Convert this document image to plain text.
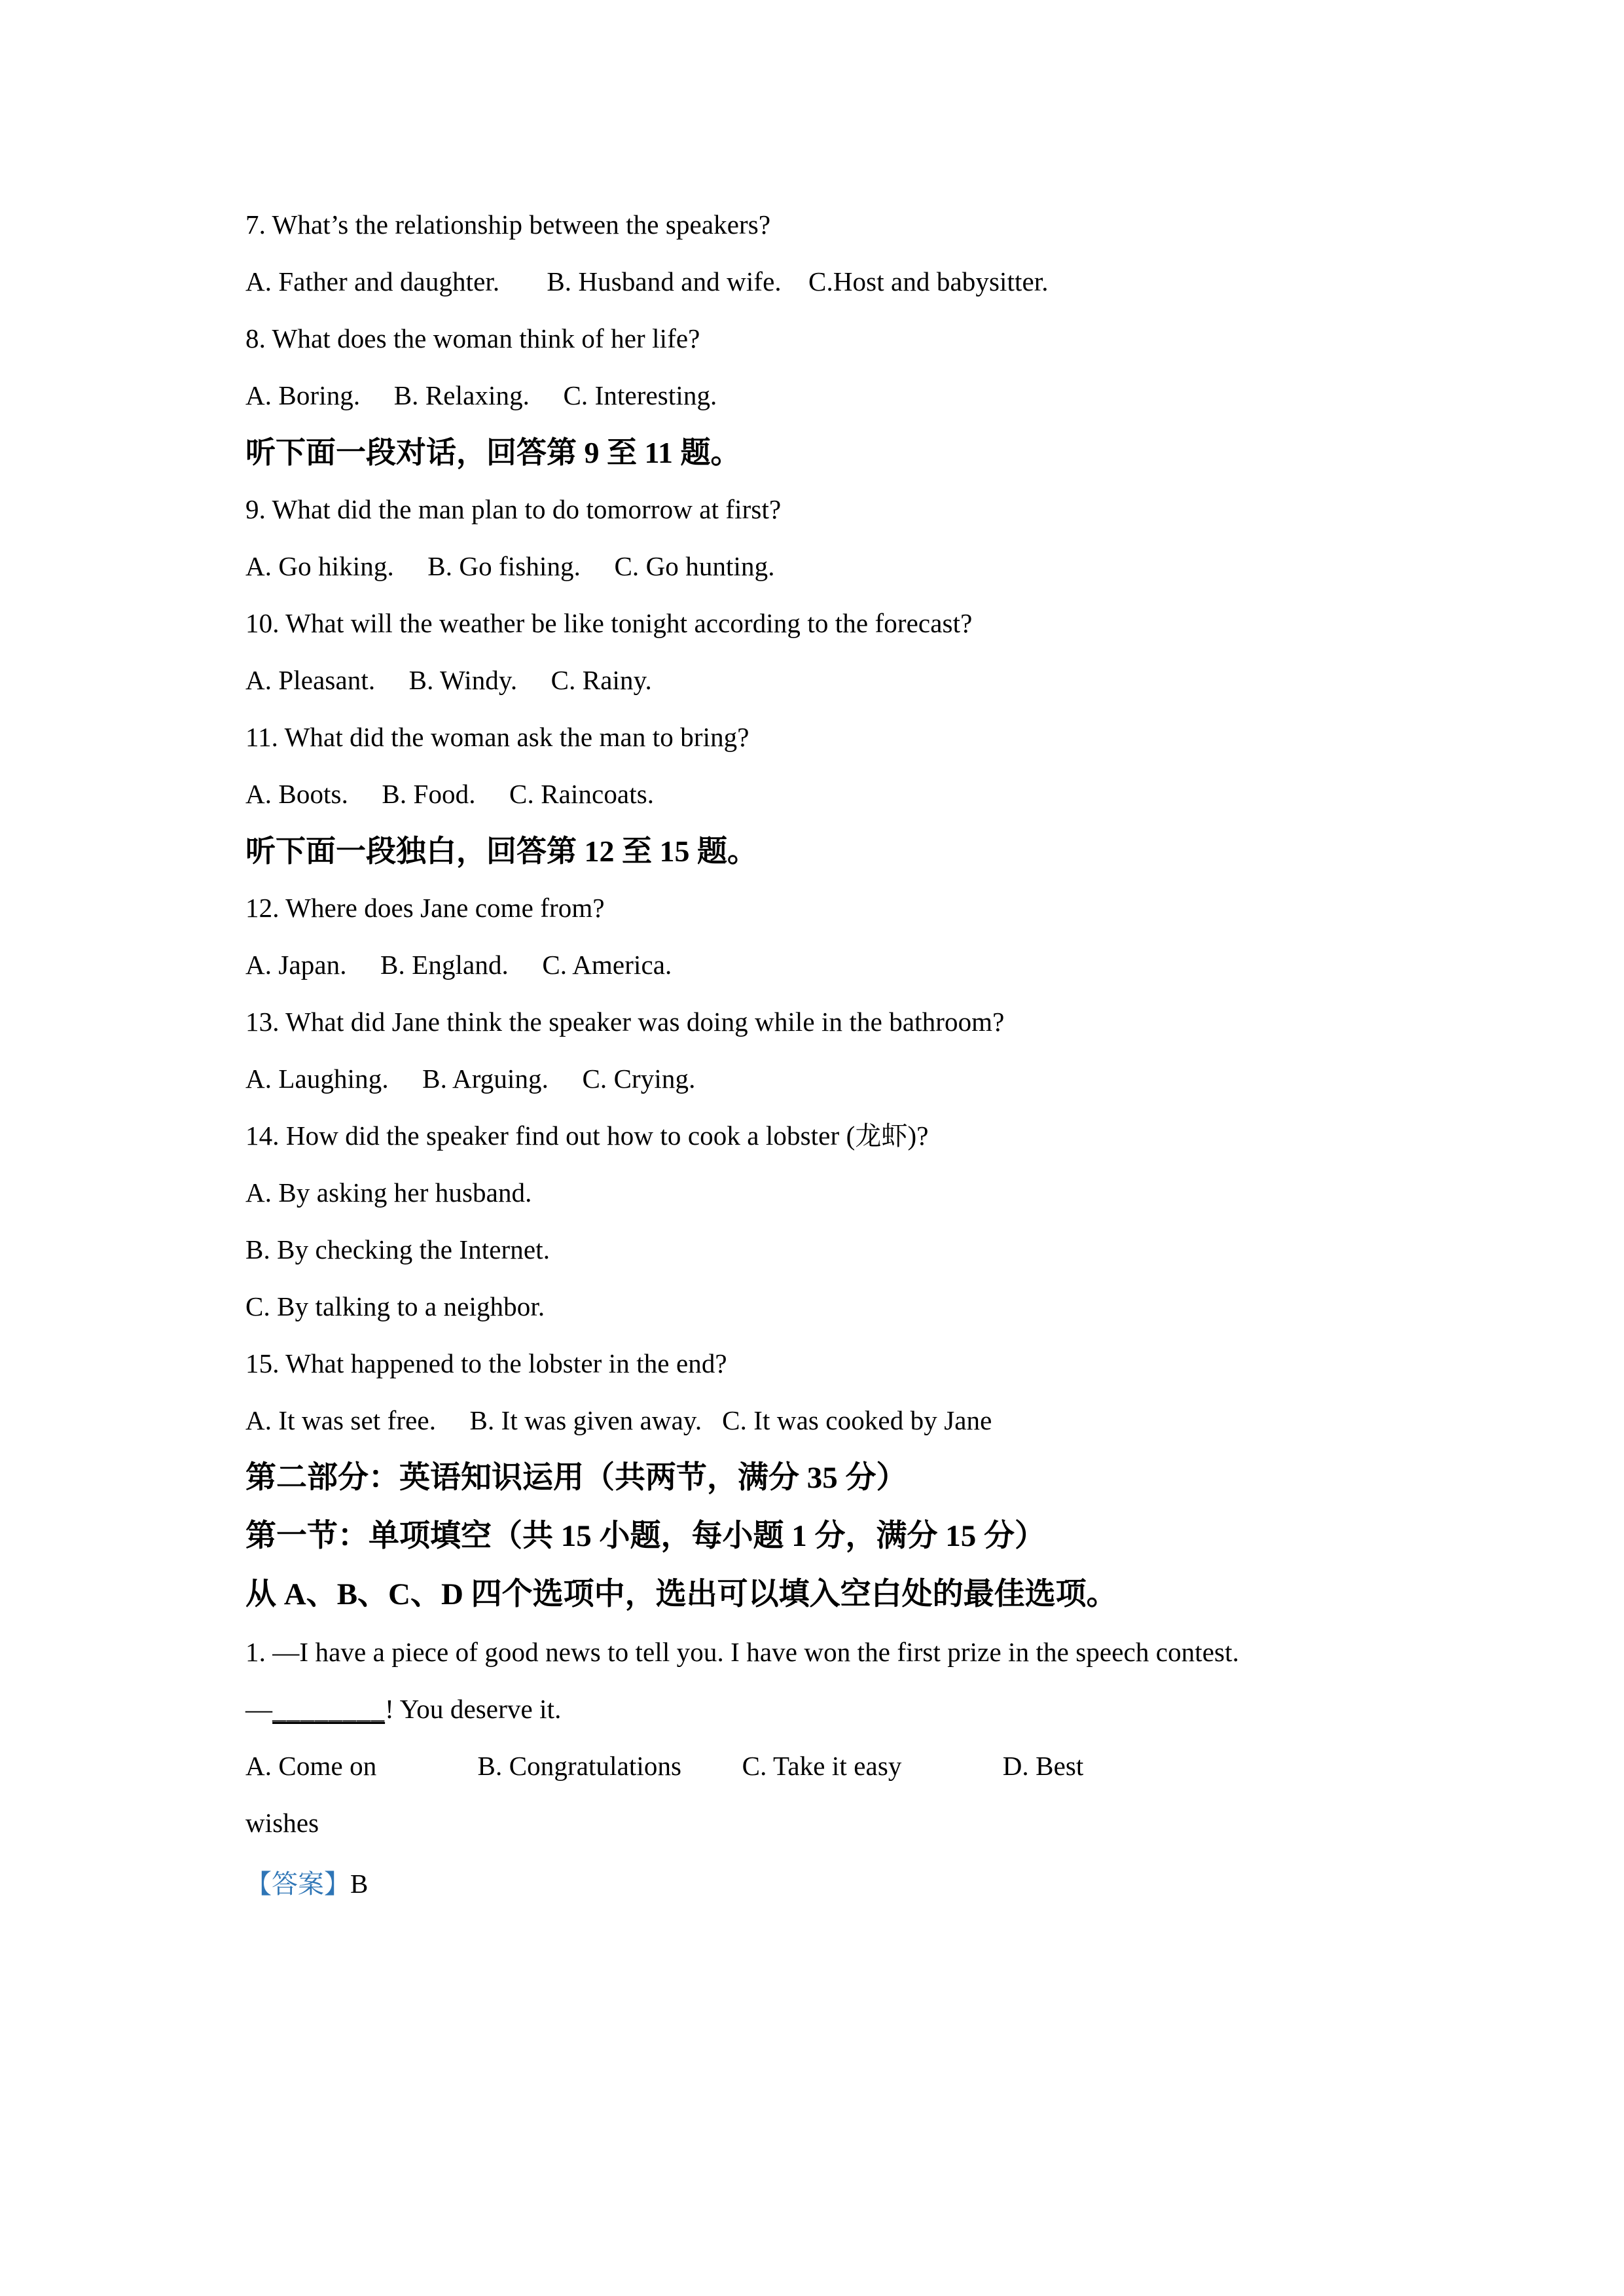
7. What’s the relationship between the speakers?

A. Father and daughter.   B. Husband and wife.   C.Host and babysitter.

8. What does the woman think of her life?

A. Boring.  B. Relaxing.  C. Interesting.

听下面一段对话，回答第 9 至 11 题。

9. What did the man plan to do tomorrow at first?

A. Go hiking.  B. Go fishing.  C. Go hunting.

10. What will the weather be like tonight according to the forecast?

A. Pleasant.  B. Windy.  C. Rainy.

11. What did the woman ask the man to bring?

A. Boots.  B. Food.  C. Raincoats.

听下面一段独白，回答第 12 至 15 题。

12. Where does Jane come from?

A. Japan.  B. England.  C. America.

13. What did Jane think the speaker was doing while in the bathroom?

A. Laughing.  B. Arguing.  C. Crying.

14. How did the speaker find out how to cook a lobster (龙虾)?

A. By asking her husband.

B. By checking the Internet.

C. By talking to a neighbor.

15. What happened to the lobster in the end?

A. It was set free.  B. It was given away.  C. It was cooked by Jane

第二部分：英语知识运用（共两节，满分 35 分）

第一节：单项填空（共 15 小题，每小题 1 分，满分 15 分）

从 A、B、C、D 四个选项中，选出可以填入空白处的最佳选项。

1. —I have a piece of good news to tell you. I have won the first prize in the speech contest.

—________! You deserve it.

A. Come on     B. Congratulations   C. Take it easy     D. Best

wishes

【答案】B
